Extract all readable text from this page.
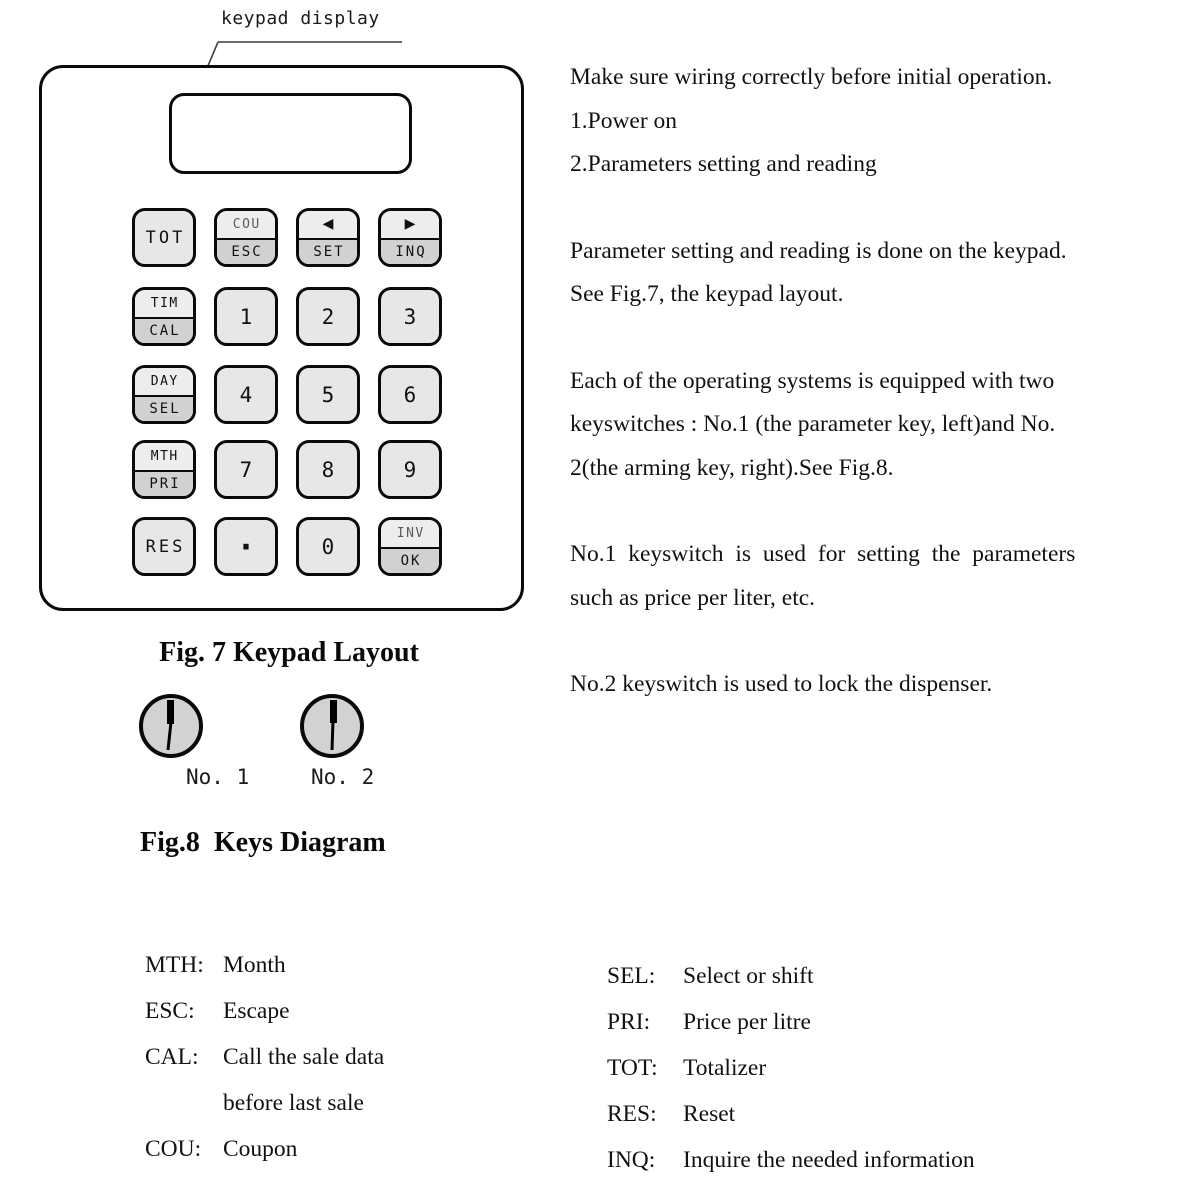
keypad display
TOT
COU
ESC
◀
SET
▶
INQ
TIM
CAL
1	2	3
DAY
SEL
4	5	6
MTH
PRI
7	8	9
RES ·	0
INV
OK
Fig. 7 Keypad Layout
No. 1	No. 2
Fig.8  Keys Diagram

Make sure wiring correctly before initial operation.
1.Power on
2.Parameters setting and reading

Parameter setting and reading is done on the keypad.
See Fig.7, the keypad layout.

Each of the operating systems is equipped with two
keyswitches : No.1 (the parameter key, left)and No.
2(the arming key, right).See Fig.8.

No.1 keyswitch is used for setting the parameters
such as price per liter, etc.

No.2 keyswitch is used to lock the dispenser.

MTH: Month
ESC:	Escape
CAL:	Call the sale data
before last sale
COU: Coupon
SEL:	Select or shift
PRI:	Price per litre
TOT:	Totalizer
RES:	Reset
INQ:	Inquire the needed information
